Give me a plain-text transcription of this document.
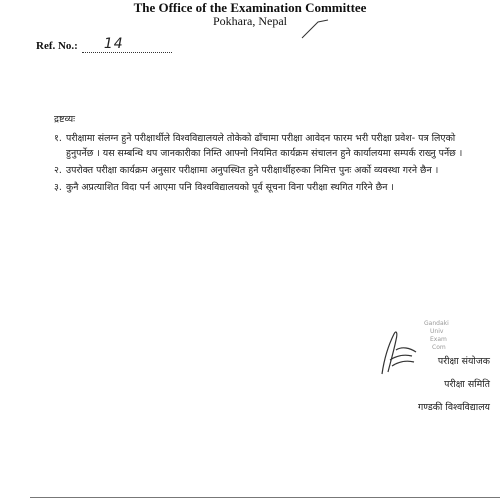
The Office of the Examination Committee
Pokhara, Nepal
Ref. No.: 14
द्रष्टव्यः
१. परीक्षामा संलग्न हुने परीक्षार्थीले विश्वविद्यालयले तोकेको ढाँचामा परीक्षा आवेदन फारम भरी परीक्षा प्रवेश- पत्र लिएको हुनुपर्नेछ । यस सम्बन्धि थप जानकारीका निम्ति आफ्नो नियमित कार्यक्रम संचालन हुने कार्यालयमा सम्पर्क राख्नु पर्नेछ ।
२. उपरोक्त परीक्षा कार्यक्रम अनुसार परीक्षामा अनुपस्थित हुने परीक्षार्थीहरुका निमित्त पुनः अर्को व्यवस्था गरने छैन ।
३. कुनै अप्रत्याशित विदा पर्न आएमा पनि विश्वविद्यालयको पूर्व सूचना विना परीक्षा स्थगित गरिने छैन ।
Gandaki
Univ
Exam
Com
परीक्षा संयोजक
परीक्षा समिति
गण्डकी विश्वविद्यालय
